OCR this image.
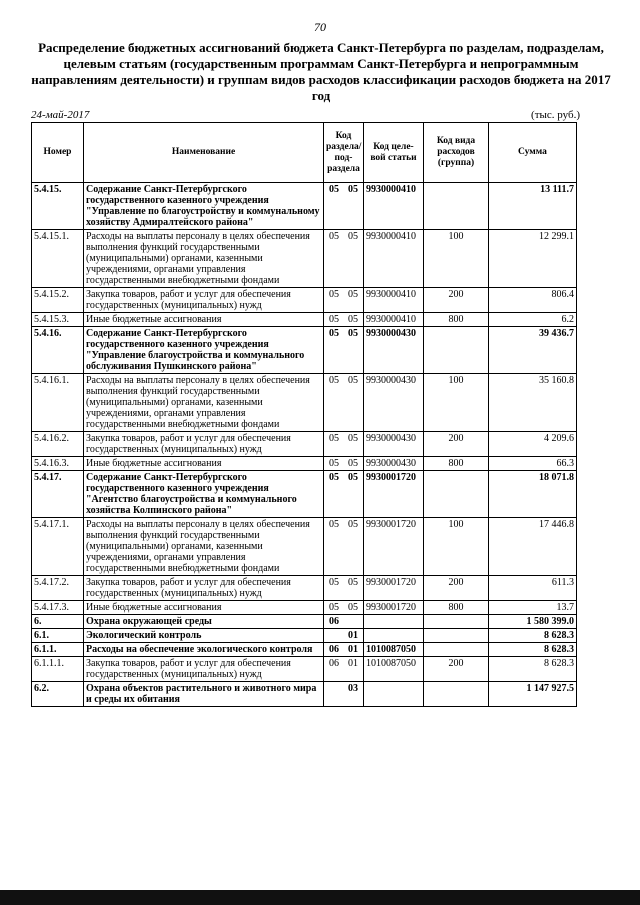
70
Распределение бюджетных ассигнований бюджета Санкт-Петербурга по разделам, подразделам, целевым статьям (государственным программам Санкт-Петербурга и непрограммным направлениям деятельности) и группам видов расходов классификации расходов бюджета на 2017 год
24-май-2017	(тыс. руб.)
Номер	Наименование	Код раздела/ под- раздела	Код целе- вой статьи	Код вида расходов (группа)	Сумма
5.4.15.	Содержание Санкт-Петербургского государственного казенного учреждения "Управление по благоустройству и коммунальному хозяйству Адмиралтейского района"	05 05	9930000410		13 111.7
5.4.15.1.	Расходы на выплаты персоналу в целях обеспечения выполнения функций государственными (муниципальными) органами, казенными учреждениями, органами управления государственными внебюджетными фондами	05 05	9930000410	100	12 299.1
5.4.15.2.	Закупка товаров, работ и услуг для обеспечения государственных (муниципальных) нужд	05 05	9930000410	200	806.4
5.4.15.3.	Иные бюджетные ассигнования	05 05	9930000410	800	6.2
5.4.16.	Содержание Санкт-Петербургского государственного казенного учреждения "Управление благоустройства и коммунального обслуживания Пушкинского района"	05 05	9930000430		39 436.7
5.4.16.1.	Расходы на выплаты персоналу в целях обеспечения выполнения функций государственными (муниципальными) органами, казенными учреждениями, органами управления государственными внебюджетными фондами	05 05	9930000430	100	35 160.8
5.4.16.2.	Закупка товаров, работ и услуг для обеспечения государственных (муниципальных) нужд	05 05	9930000430	200	4 209.6
5.4.16.3.	Иные бюджетные ассигнования	05 05	9930000430	800	66.3
5.4.17.	Содержание Санкт-Петербургского государственного казенного учреждения "Агентство благоустройства и коммунального хозяйства Колпинского района"	05 05	9930001720		18 071.8
5.4.17.1.	Расходы на выплаты персоналу в целях обеспечения выполнения функций государственными (муниципальными) органами, казенными учреждениями, органами управления государственными внебюджетными фондами	05 05	9930001720	100	17 446.8
5.4.17.2.	Закупка товаров, работ и услуг для обеспечения государственных (муниципальных) нужд	05 05	9930001720	200	611.3
5.4.17.3.	Иные бюджетные ассигнования	05 05	9930001720	800	13.7
6.	Охрана окружающей среды	06			1 580 399.0
6.1.	Экологический контроль	01			8 628.3
6.1.1.	Расходы на обеспечение экологического контроля	06 01	1010087050		8 628.3
6.1.1.1.	Закупка товаров, работ и услуг для обеспечения государственных (муниципальных) нужд	06 01	1010087050	200	8 628.3
6.2.	Охрана объектов растительного и животного мира и среды их обитания	03			1 147 927.5
